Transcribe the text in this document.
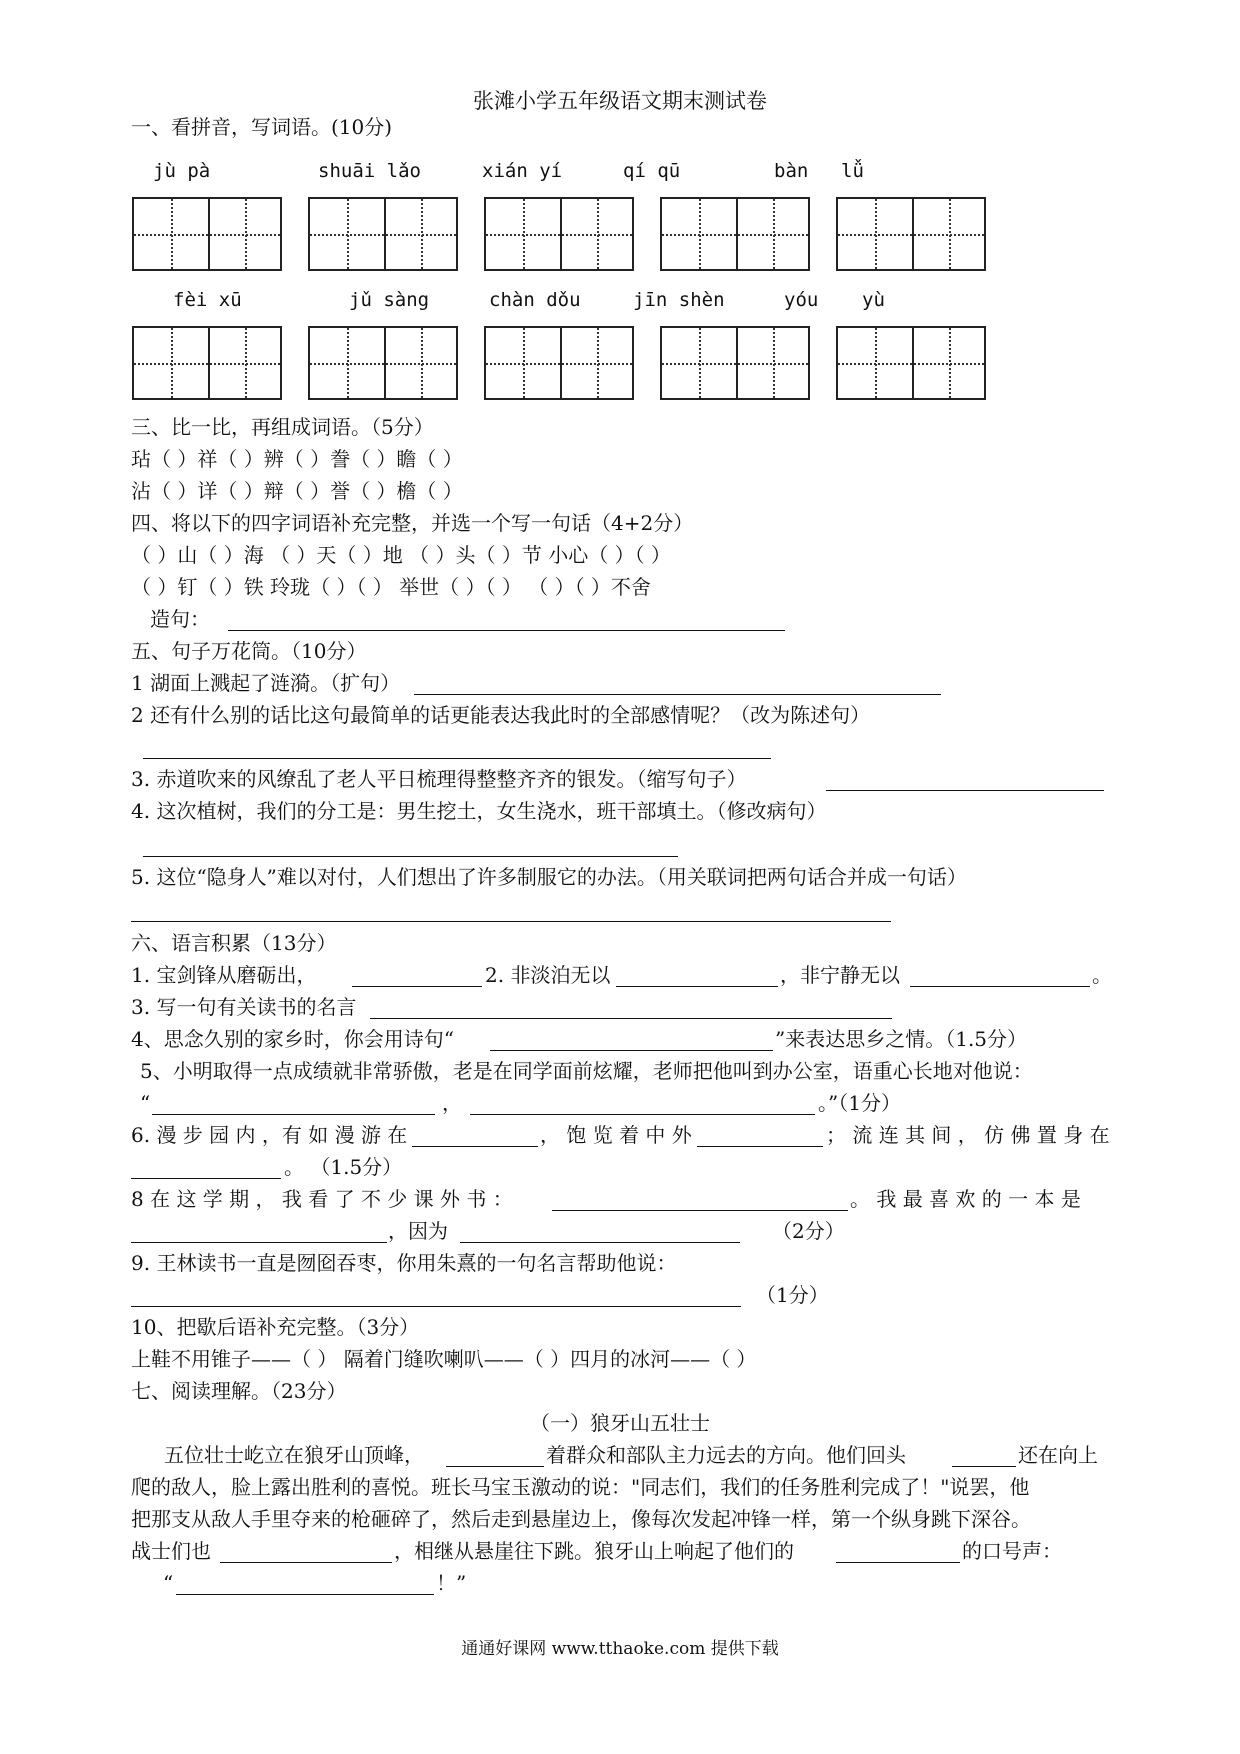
张滩小学五年级语文期末测试卷
一、看拼音，写词语。(10分)
jù pà	shuāi lǎo	xián yí	qí qū	bàn lǚ
fèi xū	jǔ sàng	chàn dǒu	jīn shèn	yóu yù
三、比一比，再组成词语。（5分）
玷（ ）祥（ ）辨（ ）誊（ ）瞻（ ）
沾（ ）详（ ）辩（ ）誉（ ）檐（ ）
四、将以下的四字词语补充完整，并选一个写一句话（4+2分）
（ ）山（ ）海 （ ）天（ ）地 （ ）头（ ）节 小心（ ）（ ）
（ ）钉（ ）铁 玲珑（ ）（ ） 举世（ ）（ ） （ ）（ ）不舍
造句：
五、句子万花筒。（10分）
1 湖面上溅起了涟漪。（扩句）
2 还有什么别的话比这句最简单的话更能表达我此时的全部感情呢？（改为陈述句）
3. 赤道吹来的风缭乱了老人平日梳理得整整齐齐的银发。（缩写句子）
4. 这次植树，我们的分工是：男生挖土，女生浇水，班干部填土。（修改病句）
5. 这位“隐身人”难以对付，人们想出了许多制服它的办法。（用关联词把两句话合并成一句话）
六、语言积累（13分）
1. 宝剑锋从磨砺出，	2. 非淡泊无以	，非宁静无以	。
3. 写一句有关读书的名言
4、思念久别的家乡时，你会用诗句“	”来表达思乡之情。（1.5分）
5、小明取得一点成绩就非常骄傲，老是在同学面前炫耀，老师把他叫到办公室，语重心长地对他说：
“	，	。”（1分）
6. 漫 步 园 内 ，有 如 漫 游 在	， 饱 览 着 中 外	； 流 连 其 间 ， 仿 佛 置 身 在
。 （1.5分）
8 在 这 学 期 ， 我 看 了 不 少 课 外 书 ：	。 我 最 喜 欢 的 一 本 是
，因为	（2分）
9. 王林读书一直是囫囵吞枣，你用朱熹的一句名言帮助他说：
（1分）
10、把歇后语补充完整。（3分）
上鞋不用锥子——（ ） 隔着门缝吹喇叭——（ ）四月的冰河——（ ）
七、阅读理解。（23分）
（一）狼牙山五壮士
五位壮士屹立在狼牙山顶峰，	着群众和部队主力远去的方向。他们回头	还在向上
爬的敌人，脸上露出胜利的喜悦。班长马宝玉激动的说："同志们，我们的任务胜利完成了！"说罢，他
把那支从敌人手里夺来的枪砸碎了，然后走到悬崖边上，像每次发起冲锋一样，第一个纵身跳下深谷。
战士们也	，相继从悬崖往下跳。狼牙山上响起了他们的	的口号声：
“	！”
通通好课网 www.tthaoke.com 提供下载
